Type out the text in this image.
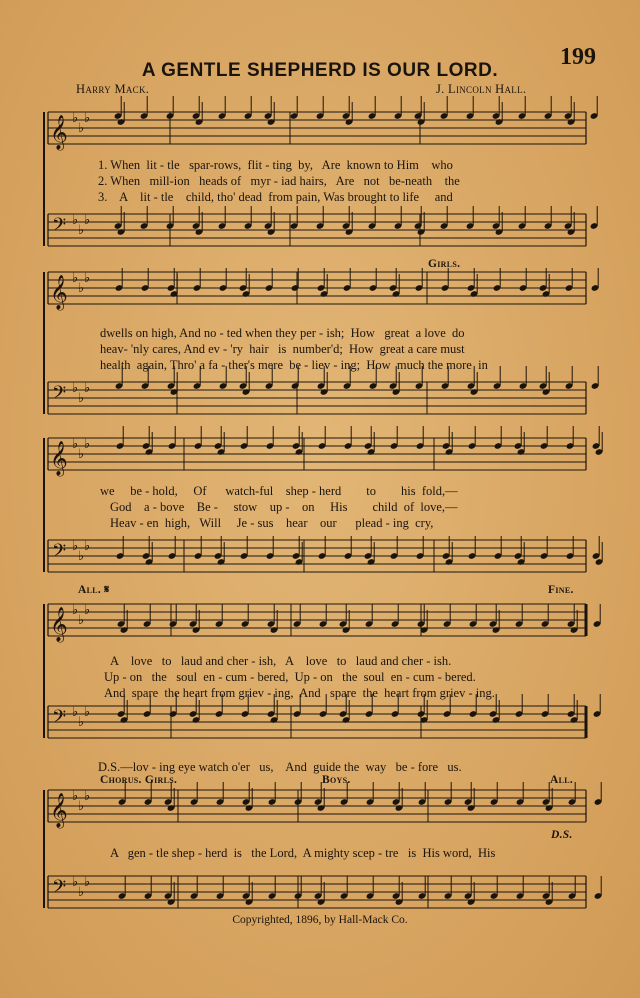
199
A GENTLE SHEPHERD IS OUR LORD.
Harry Mack.	J. Lincoln Hall.
𝄞 ♭
♭
♭
𝄢 ♭
♭
♭
𝄞 ♭
♭
♭
𝄢 ♭
♭
♭
𝄞 ♭
♭
♭
𝄢 ♭
♭
♭
𝄞 ♭
♭
♭
𝄢 ♭
♭
♭
𝄞 ♭
♭
♭
𝄢 ♭
♭
♭
Girls.
All. 𝄋	Fine.
Chorus. Girls.	Boys.	All.
D.S.
1. When  lit - tle   spar-rows,  flit - ting  by,   Are  known to Him    who
2. When   mill-ion   heads of   myr - iad hairs,   Are   not   be-neath    the
3.    A    lit - tle    child, tho' dead  from pain, Was brought to life     and
dwells on high, And no - ted when they per - ish;  How   great  a love  do
heav- 'nly cares, And ev - 'ry  hair   is  number'd;  How  great a care must
health  again, Thro' a fa - ther's mere  be - liev - ing;  How  much the more  in
we     be - hold,     Of      watch-ful    shep - herd        to        his  fold,—
God    a - bove    Be -     stow    up -    on     His        child  of  love,—
Heav - en  high,   Will     Je - sus    hear    our      plead - ing  cry,
A    love   to   laud and cher - ish,   A    love   to   laud and cher - ish.
Up - on   the   soul  en - cum - bered,  Up - on   the  soul  en - cum - bered.
And  spare  the heart from griev - ing,  And   spare  the  heart from griev - ing.
D.S.—lov - ing eye watch o'er   us,    And  guide the  way   be - fore   us.
A   gen - tle shep - herd  is   the Lord,  A mighty scep - tre   is  His word,  His
Copyrighted, 1896, by Hall-Mack Co.
